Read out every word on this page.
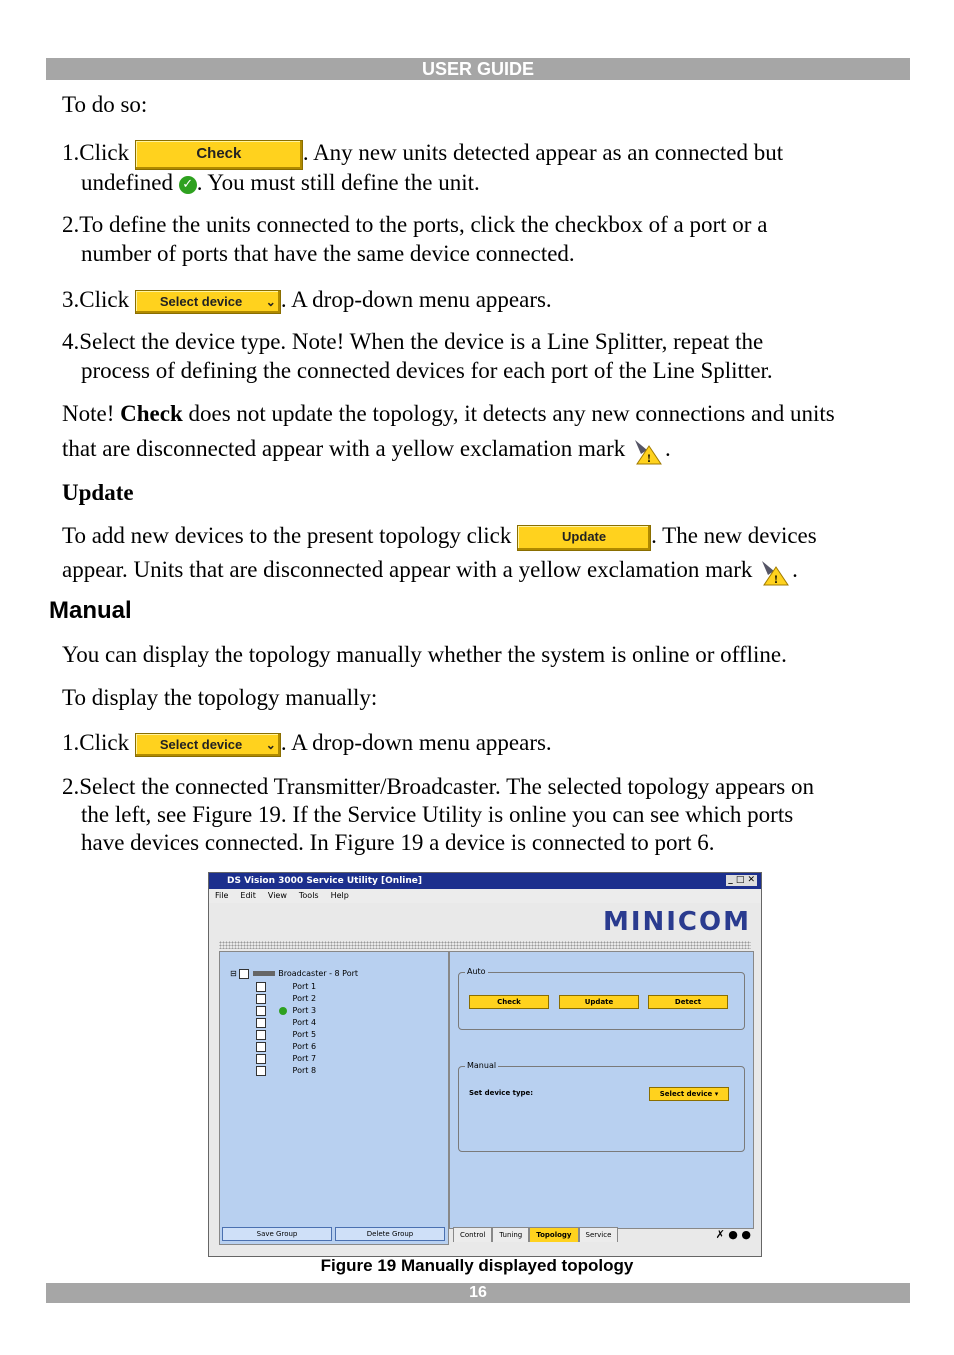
USER GUIDE
To do so:
1.Click	Check	. Any new units detected appear as an connected but
undefined ✓ . You must still define the unit.
2.To define the units connected to the ports, click the checkbox of a port or a
number of ports that have the same device connected.
3.Click Select device ⌄ . A drop-down menu appears.
4.Select the device type. Note! When the device is a Line Splitter, repeat the
process of defining the connected devices for each port of the Line Splitter.
Note! Check does not update the topology, it detects any new connections and units
that are disconnected appear with a yellow exclamation mark ! .
Update
To add new devices to the present topology click	Update . The new devices
appear. Units that are disconnected appear with a yellow exclamation mark ! .
Manual
You can display the topology manually whether the system is online or offline.
To display the topology manually:
1.Click Select device ⌄ . A drop-down menu appears.
2.Select the connected Transmitter/Broadcaster. The selected topology appears on
the left, see Figure 19. If the Service Utility is online you can see which ports
have devices connected. In Figure 19 a device is connected to port 6.
DS Vision 3000 Service Utility [Online]	_ □ ✕
File Edit View Tools Help
MINICOM
⊟	Broadcaster - 8 Port
Port 1
Port 2
Port 3
Port 4
Port 5
Port 6
Port 7
Port 8
Save Group	Delete Group
Auto
Check	Update	Detect
Manual
Set device type:	Select device ▾
Control Tuning Topology Service	✗ ● ●
Figure 19 Manually displayed topology
16
